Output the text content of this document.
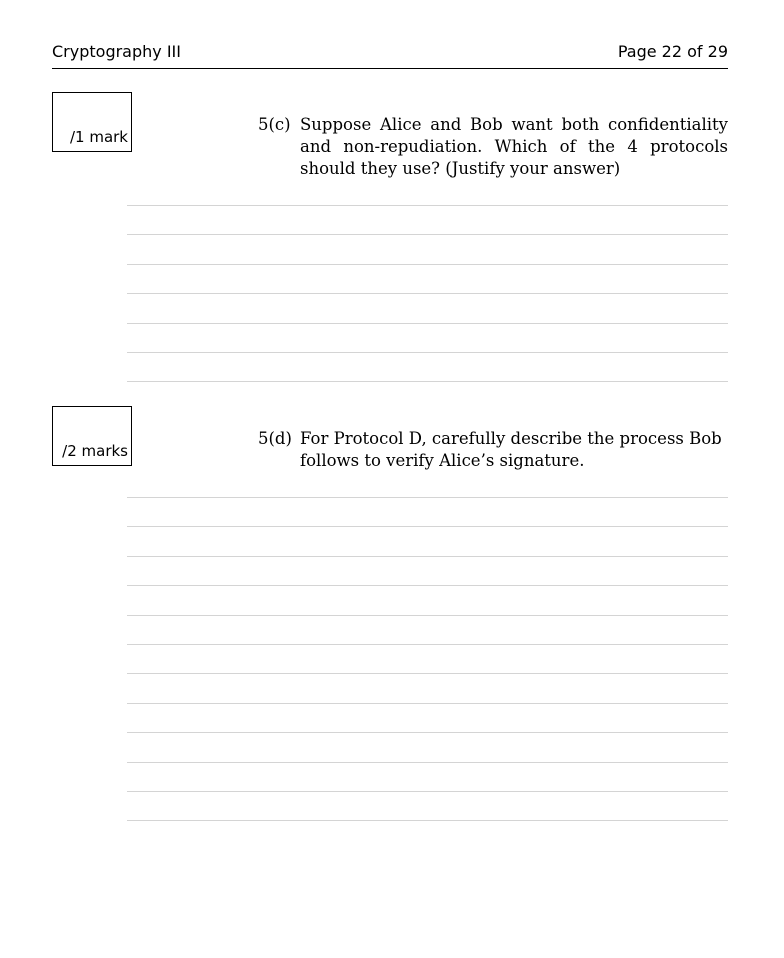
Cryptography III	Page 22 of 29
/1 mark
5(c) Suppose Alice and Bob want both confidentiality and non-repudiation. Which of the 4 protocols should they use? (Justify your answer)
/2 marks
5(d) For Protocol D, carefully describe the process Bob follows to verify Alice’s signature.
